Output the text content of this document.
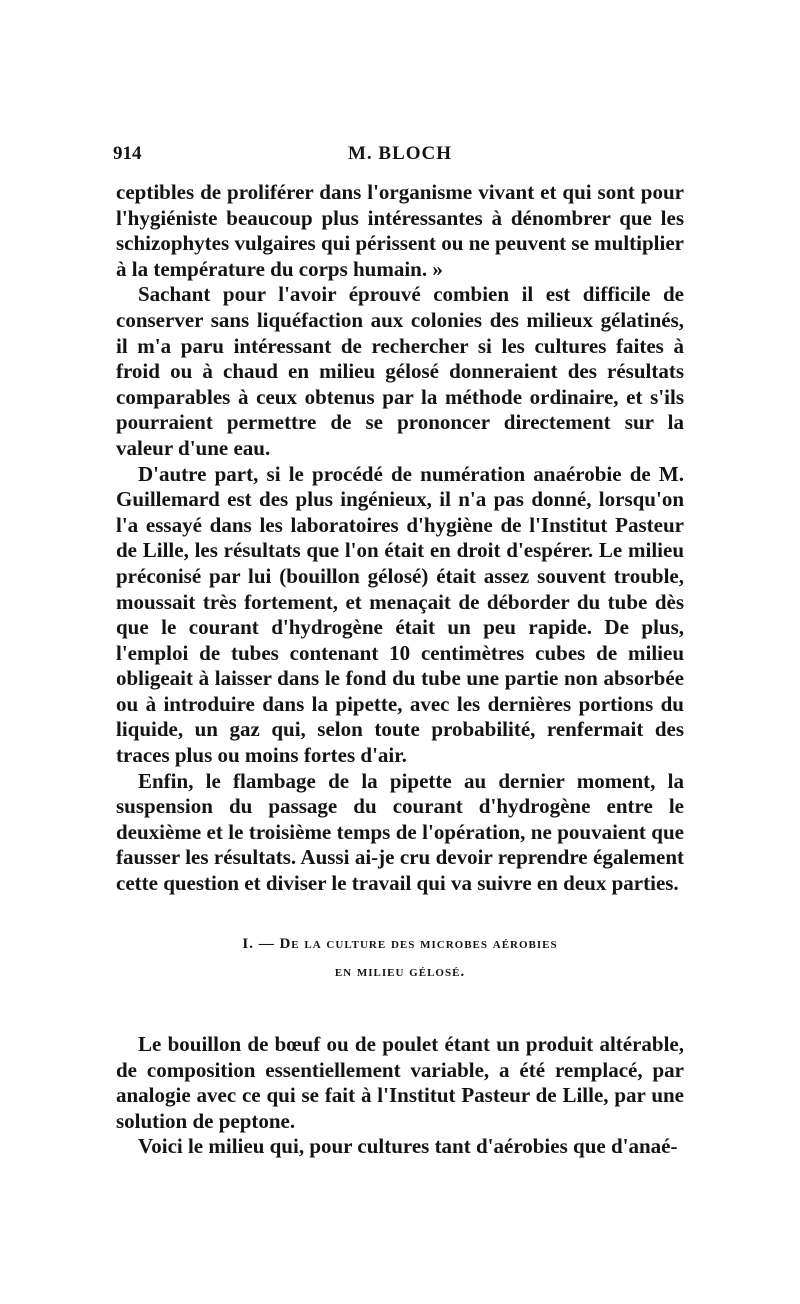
914	M. BLOCH

ceptibles de proliférer dans l'organisme vivant et qui sont pour l'hygiéniste beaucoup plus intéressantes à dénombrer que les schizophytes vulgaires qui périssent ou ne peuvent se multiplier à la température du corps humain. »

Sachant pour l'avoir éprouvé combien il est difficile de conserver sans liquéfaction aux colonies des milieux gélatinés, il m'a paru intéressant de rechercher si les cultures faites à froid ou à chaud en milieu gélosé donneraient des résultats comparables à ceux obtenus par la méthode ordinaire, et s'ils pourraient permettre de se prononcer directement sur la valeur d'une eau.

D'autre part, si le procédé de numération anaérobie de M. Guillemard est des plus ingénieux, il n'a pas donné, lorsqu'on l'a essayé dans les laboratoires d'hygiène de l'Institut Pasteur de Lille, les résultats que l'on était en droit d'espérer. Le milieu préconisé par lui (bouillon gélosé) était assez souvent trouble, moussait très fortement, et menaçait de déborder du tube dès que le courant d'hydrogène était un peu rapide. De plus, l'emploi de tubes contenant 10 centimètres cubes de milieu obligeait à laisser dans le fond du tube une partie non absorbée ou à introduire dans la pipette, avec les dernières portions du liquide, un gaz qui, selon toute probabilité, renfermait des traces plus ou moins fortes d'air.

Enfin, le flambage de la pipette au dernier moment, la suspension du passage du courant d'hydrogène entre le deuxième et le troisième temps de l'opération, ne pouvaient que fausser les résultats. Aussi ai-je cru devoir reprendre également cette question et diviser le travail qui va suivre en deux parties.

I. — De la culture des microbes aérobies
en milieu gélosé.

Le bouillon de bœuf ou de poulet étant un produit altérable, de composition essentiellement variable, a été remplacé, par analogie avec ce qui se fait à l'Institut Pasteur de Lille, par une solution de peptone.

Voici le milieu qui, pour cultures tant d'aérobies que d'anaé-
